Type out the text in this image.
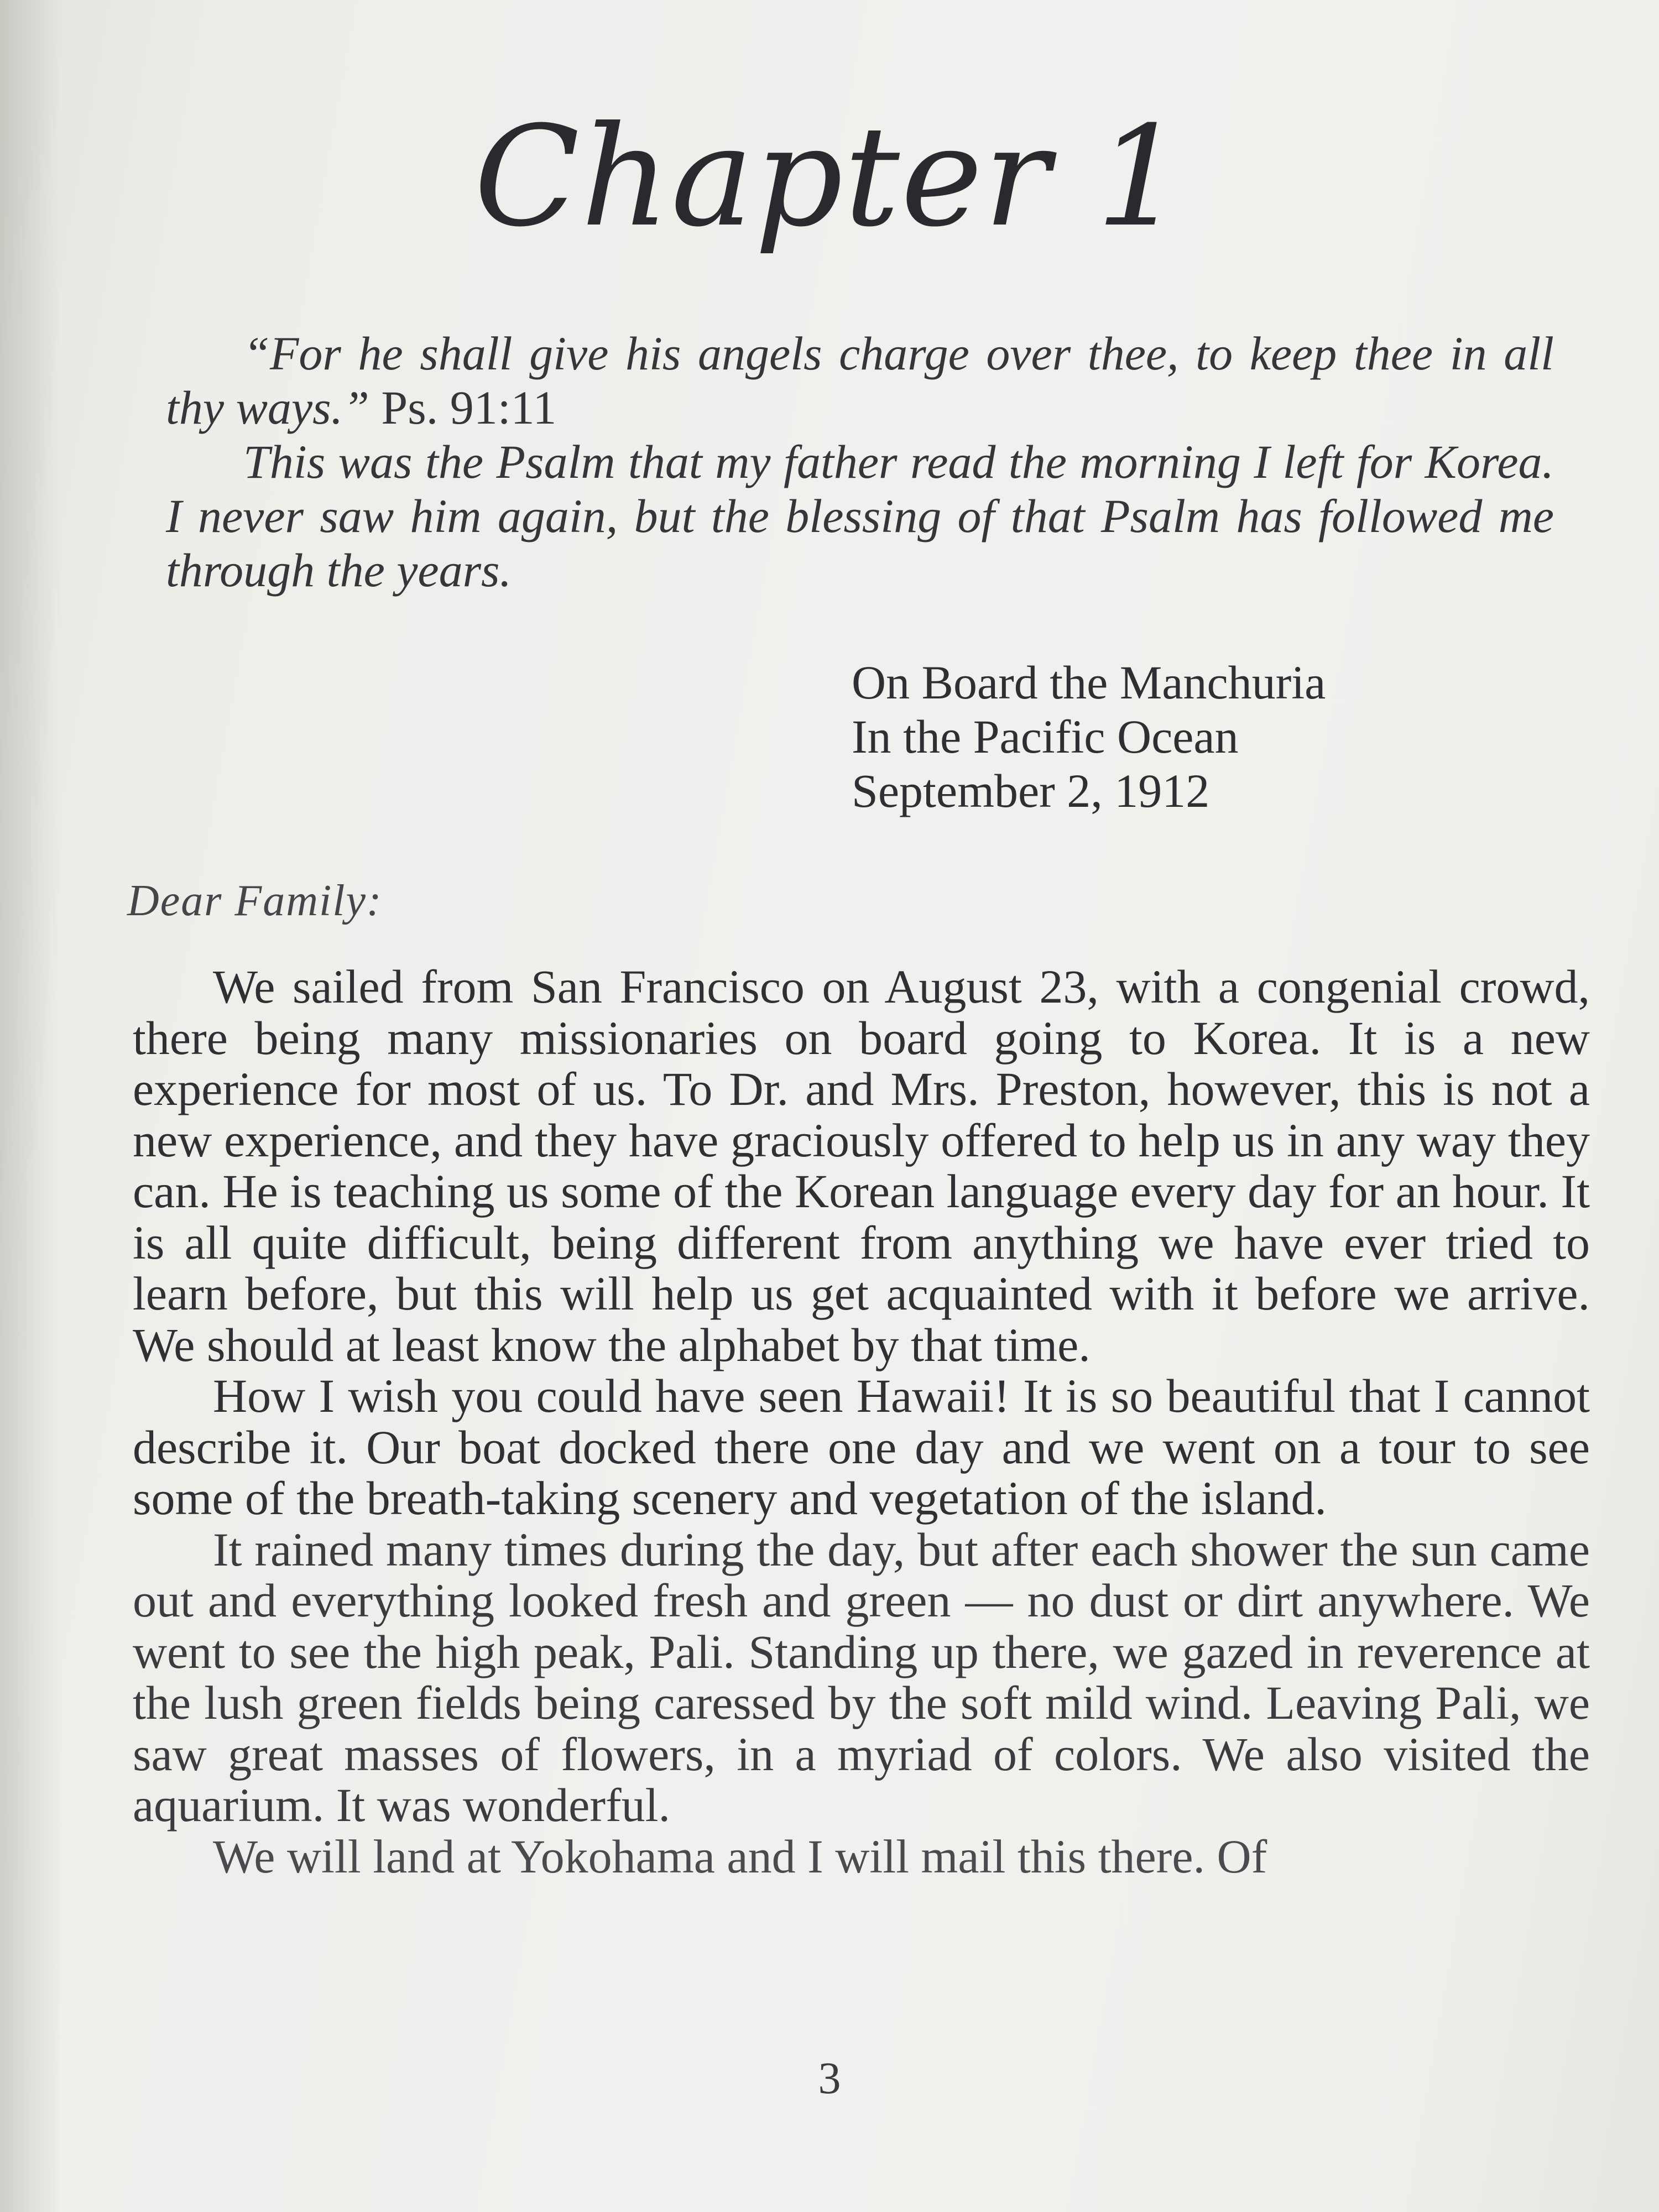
Chapter 1

“For he shall give his angels charge over thee, to keep thee in all thy ways.” Ps. 91:11

This was the Psalm that my father read the morning I left for Korea. I never saw him again, but the blessing of that Psalm has followed me through the years.

On Board the Manchuria
In the Pacific Ocean
September 2, 1912
Dear Family:

We sailed from San Francisco on August 23, with a congenial crowd, there being many missionaries on board going to Korea. It is a new experience for most of us. To Dr. and Mrs. Preston, however, this is not a new experience, and they have graciously offered to help us in any way they can. He is teaching us some of the Korean language every day for an hour. It is all quite difficult, being different from anything we have ever tried to learn before, but this will help us get acquainted with it before we arrive. We should at least know the alphabet by that time.

How I wish you could have seen Hawaii! It is so beautiful that I cannot describe it. Our boat docked there one day and we went on a tour to see some of the breath-taking scenery and vegetation of the island.

It rained many times during the day, but after each shower the sun came out and everything looked fresh and green — no dust or dirt anywhere. We went to see the high peak, Pali. Standing up there, we gazed in reverence at the lush green fields being caressed by the soft mild wind. Leaving Pali, we saw great masses of flowers, in a myriad of colors. We also visited the aquarium. It was wonderful.

We will land at Yokohama and I will mail this there. Of

3
